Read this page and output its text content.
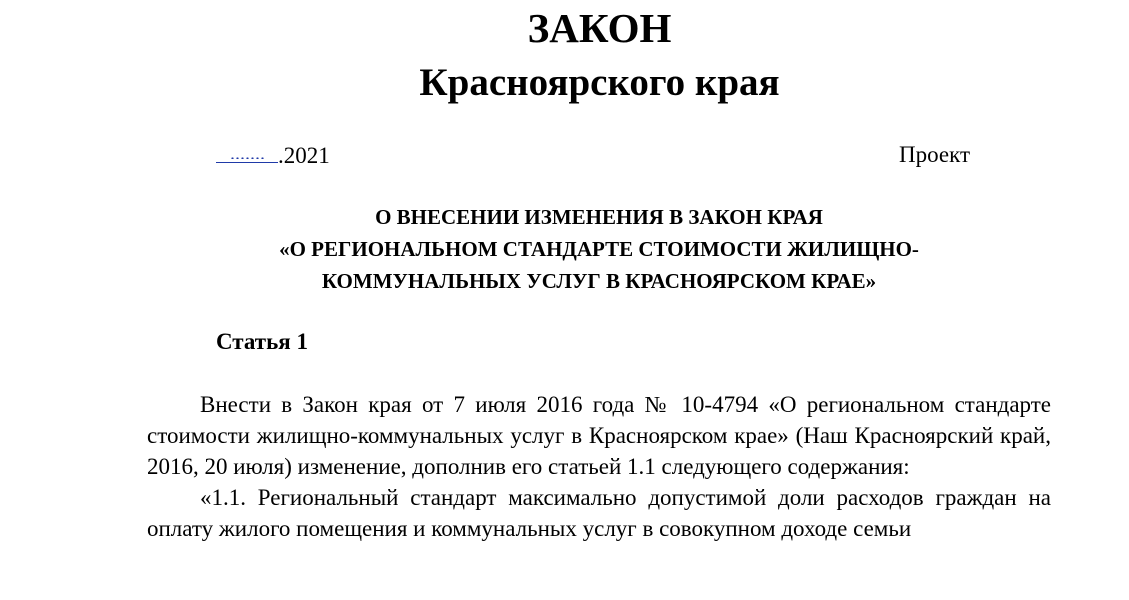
ЗАКОН
Красноярского края
.2021	Проект
О ВНЕСЕНИИ ИЗМЕНЕНИЯ В ЗАКОН КРАЯ
«О РЕГИОНАЛЬНОМ СТАНДАРТЕ СТОИМОСТИ ЖИЛИЩНО-
КОММУНАЛЬНЫХ УСЛУГ В КРАСНОЯРСКОМ КРАЕ»
Статья 1

Внести в Закон края от 7 июля 2016 года № 10-4794 «О региональном стандарте стоимости жилищно-коммунальных услуг в Красноярском крае» (Наш Красноярский край, 2016, 20 июля) изменение, дополнив его статьей 1.1 следующего содержания:

«1.1. Региональный стандарт максимально допустимой доли расходов граждан на оплату жилого помещения и коммунальных услуг в совокупном доходе семьи
